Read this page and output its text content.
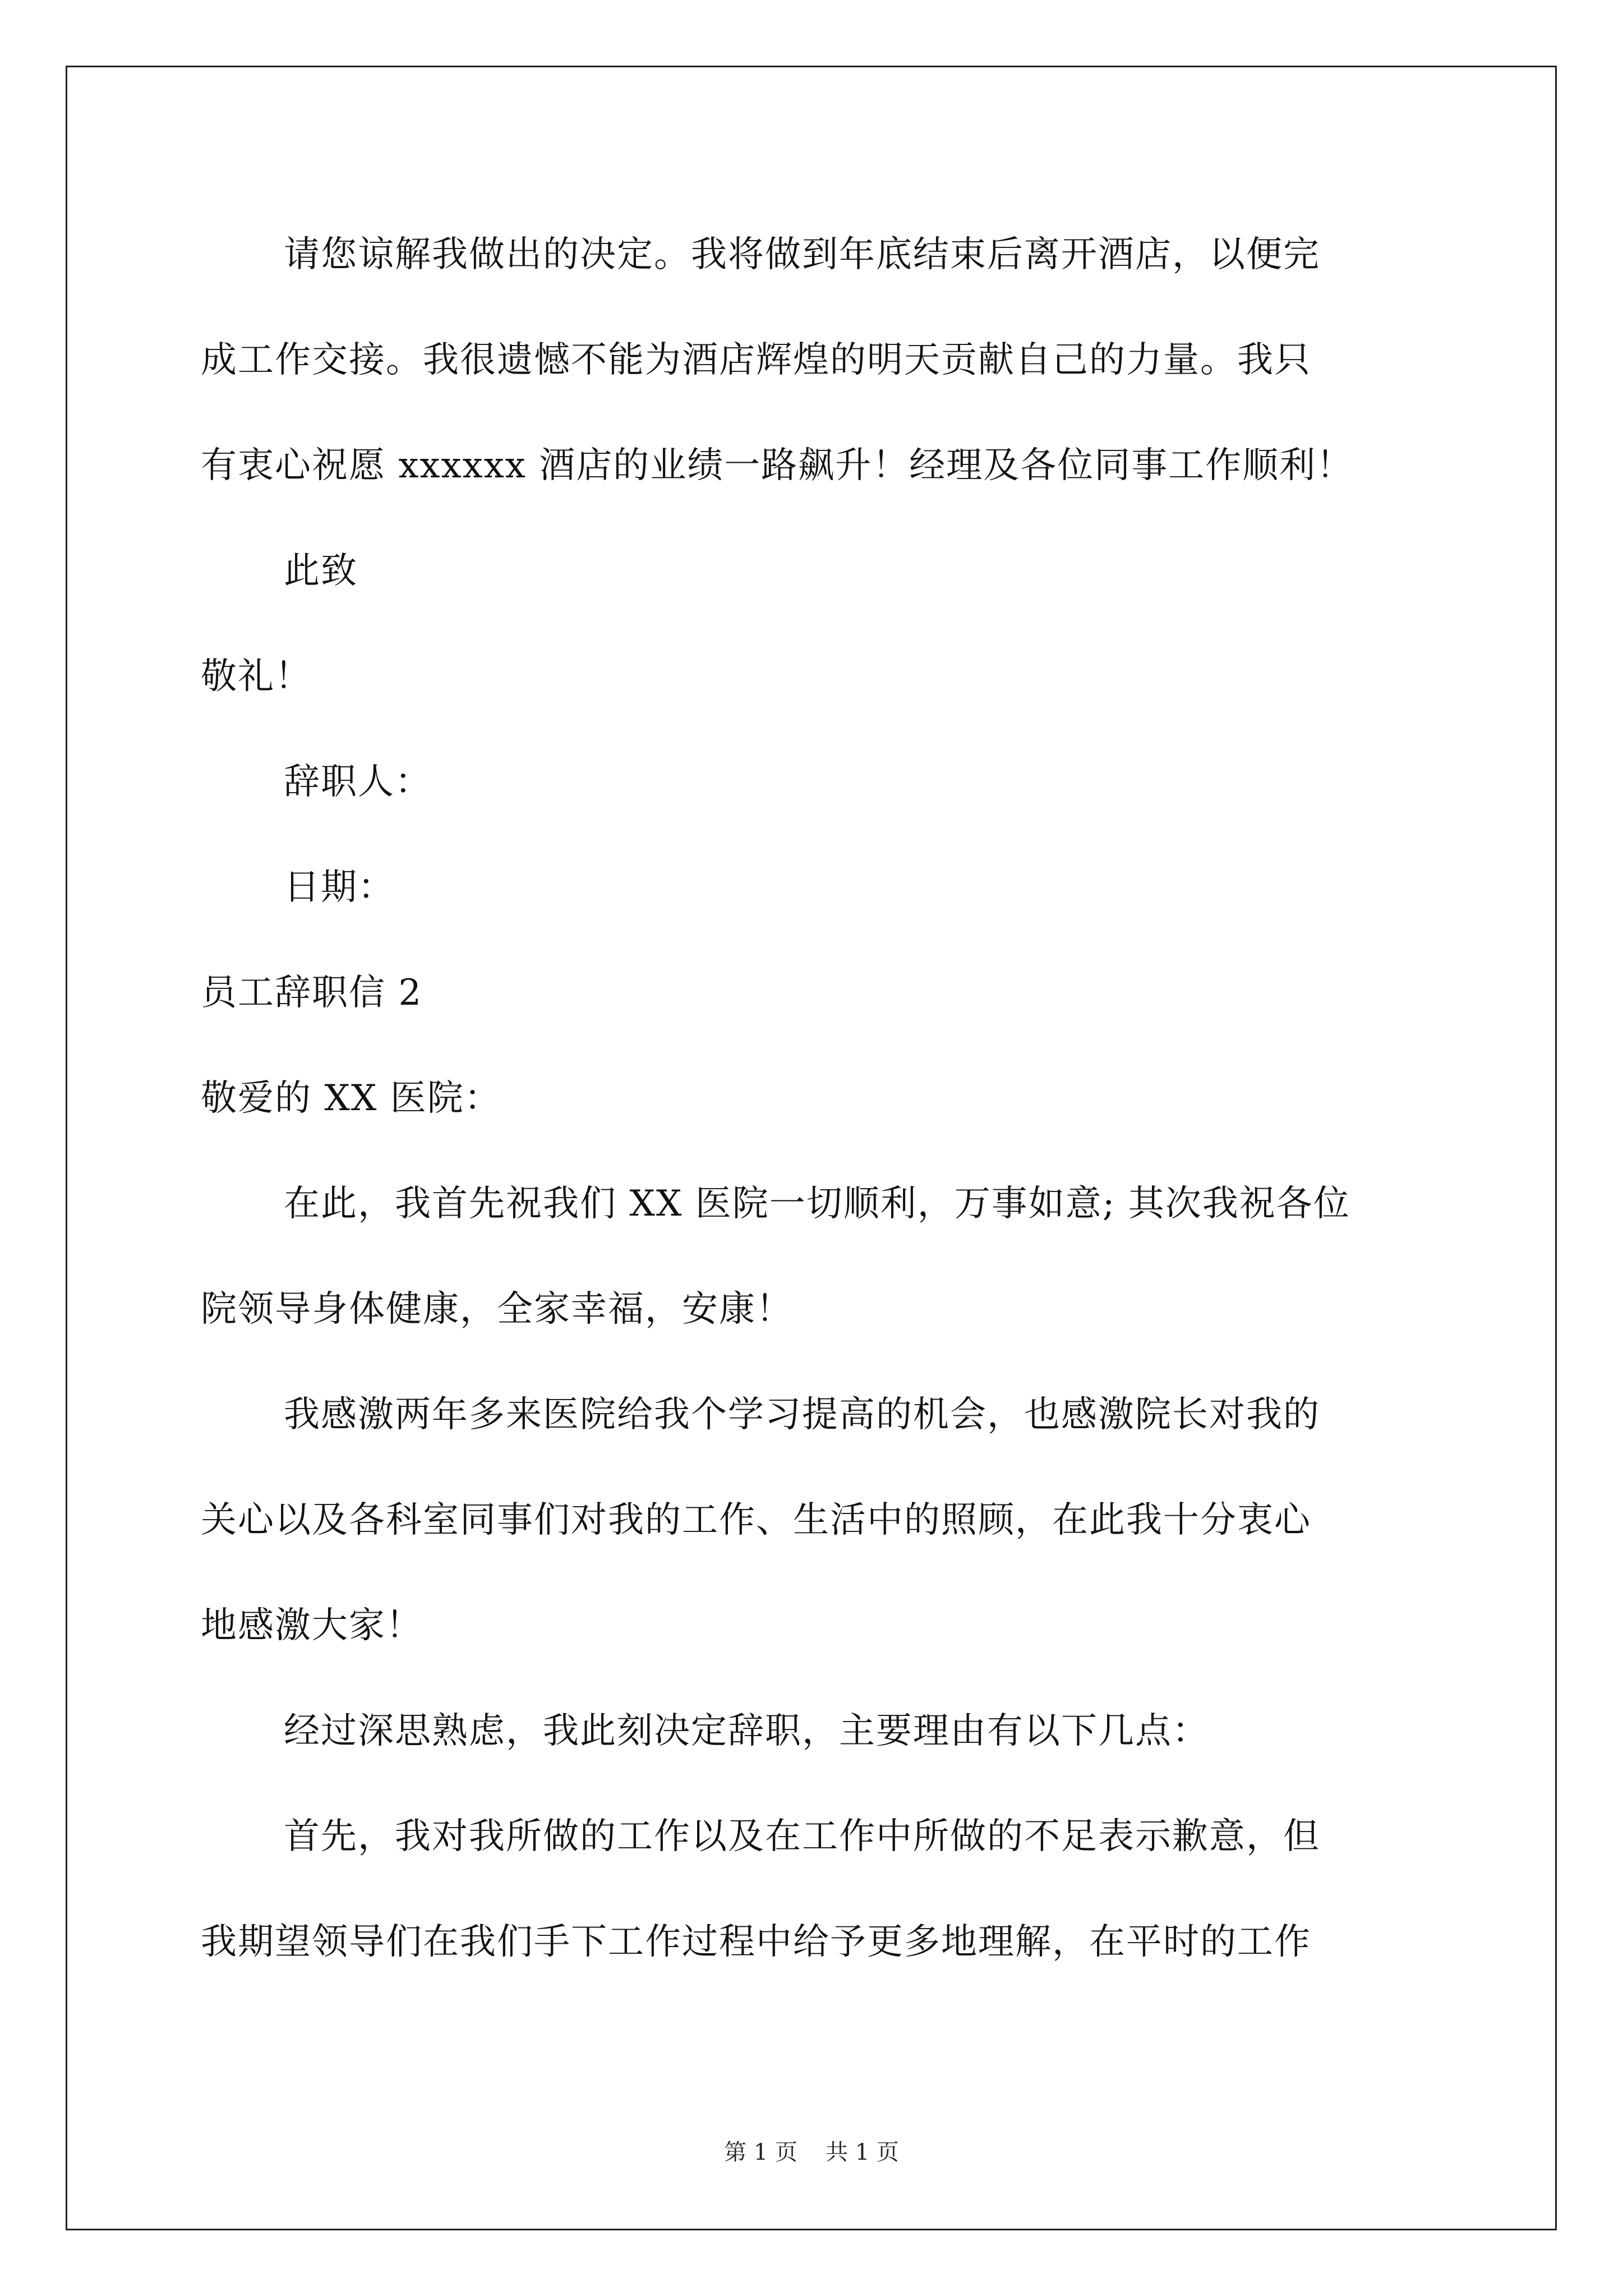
请您谅解我做出的决定。我将做到年底结束后离开酒店，以便完
成工作交接。我很遗憾不能为酒店辉煌的明天贡献自己的力量。我只
有衷心祝愿 xxxxxx 酒店的业绩一路飙升！经理及各位同事工作顺利！
此致
敬礼！
辞职人：
日期：
员工辞职信 2
敬爱的 XX 医院：
在此，我首先祝我们 XX 医院一切顺利，万事如意; 其次我祝各位
院领导身体健康，全家幸福，安康！
我感激两年多来医院给我个学习提高的机会，也感激院长对我的
关心以及各科室同事们对我的工作、生活中的照顾，在此我十分衷心
地感激大家！
经过深思熟虑，我此刻决定辞职，主要理由有以下几点：
首先，我对我所做的工作以及在工作中所做的不足表示歉意，但
我期望领导们在我们手下工作过程中给予更多地理解，在平时的工作
第 1 页 共 1 页
